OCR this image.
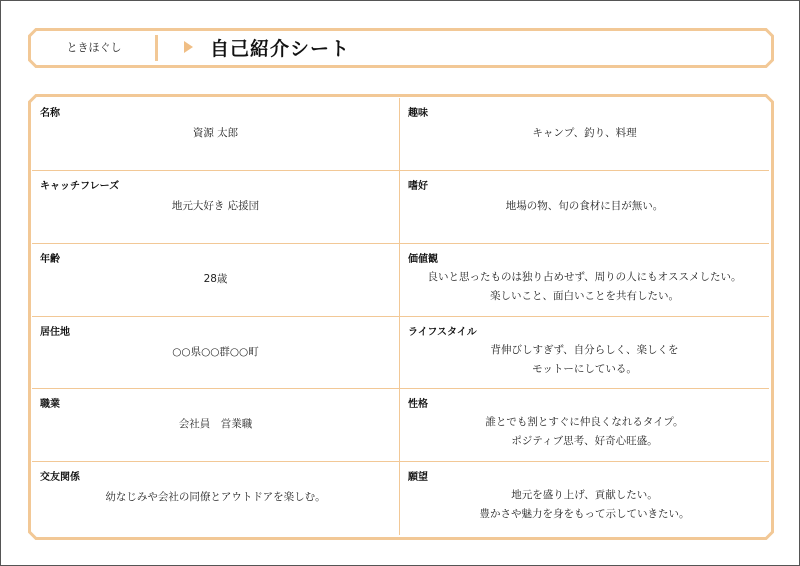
ときほぐし	自己紹介シート
名称
資源 太郎
趣味
キャンプ、釣り、料理
キャッチフレーズ
地元大好き 応援団
嗜好
地場の物、旬の食材に目が無い。
年齢
28歳
価値観
良いと思ったものは独り占めせず、周りの人にもオススメしたい。
楽しいこと、面白いことを共有したい。
居住地
○○県○○群○○町
ライフスタイル
背伸びしすぎず、自分らしく、楽しくを
モットーにしている。
職業
会社員　営業職
性格
誰とでも割とすぐに仲良くなれるタイプ。
ポジティブ思考、好奇心旺盛。
交友関係
幼なじみや会社の同僚とアウトドアを楽しむ。
願望
地元を盛り上げ、貢献したい。
豊かさや魅力を身をもって示していきたい。
